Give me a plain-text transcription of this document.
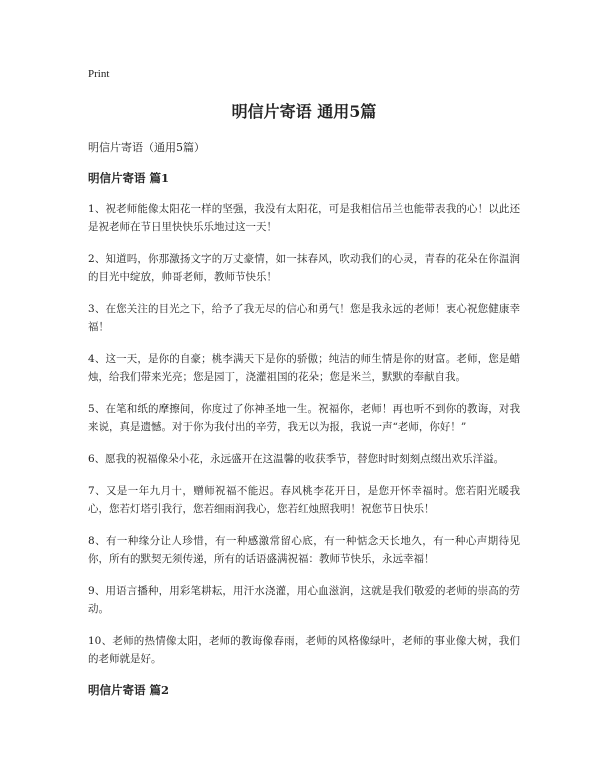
Print
明信片寄语 通用5篇
明信片寄语（通用5篇）
明信片寄语 篇1

1、祝老师能像太阳花一样的坚强，我没有太阳花，可是我相信吊兰也能带表我的心！以此还是祝老师在节日里快快乐乐地过这一天！

2、知道吗，你那激扬文字的万丈豪情，如一抹春风，吹动我们的心灵，青春的花朵在你温润的目光中绽放，帅哥老师，教师节快乐！

3、在您关注的目光之下，给予了我无尽的信心和勇气！您是我永远的老师！衷心祝您健康幸福！

4、这一天，是你的自豪；桃李满天下是你的骄傲；纯洁的师生情是你的财富。老师，您是蜡烛，给我们带来光亮；您是园丁，浇灌祖国的花朵；您是米兰，默默的奉献自我。

5、在笔和纸的摩擦间，你度过了你神圣地一生。祝福你，老师！再也听不到你的教诲，对我来说，真是遗憾。对于你为我付出的辛劳，我无以为报，我说一声“老师，你好！”

6、愿我的祝福像朵小花，永远盛开在这温馨的收获季节，替您时时刻刻点缀出欢乐洋溢。

7、又是一年九月十，赠师祝福不能迟。春风桃李花开日，是您开怀幸福时。您若阳光暖我心，您若灯塔引我行，您若细雨润我心，您若红烛照我明！祝您节日快乐！

8、有一种缘分让人珍惜，有一种感激常留心底，有一种惦念天长地久，有一种心声期待见你，所有的默契无须传递，所有的话语盛满祝福：教师节快乐，永远幸福！

9、用语言播种，用彩笔耕耘，用汗水浇灌，用心血滋润，这就是我们敬爱的老师的崇高的劳动。

10、老师的热情像太阳，老师的教诲像春雨，老师的风格像绿叶，老师的事业像大树，我们的老师就是好。

明信片寄语 篇2
